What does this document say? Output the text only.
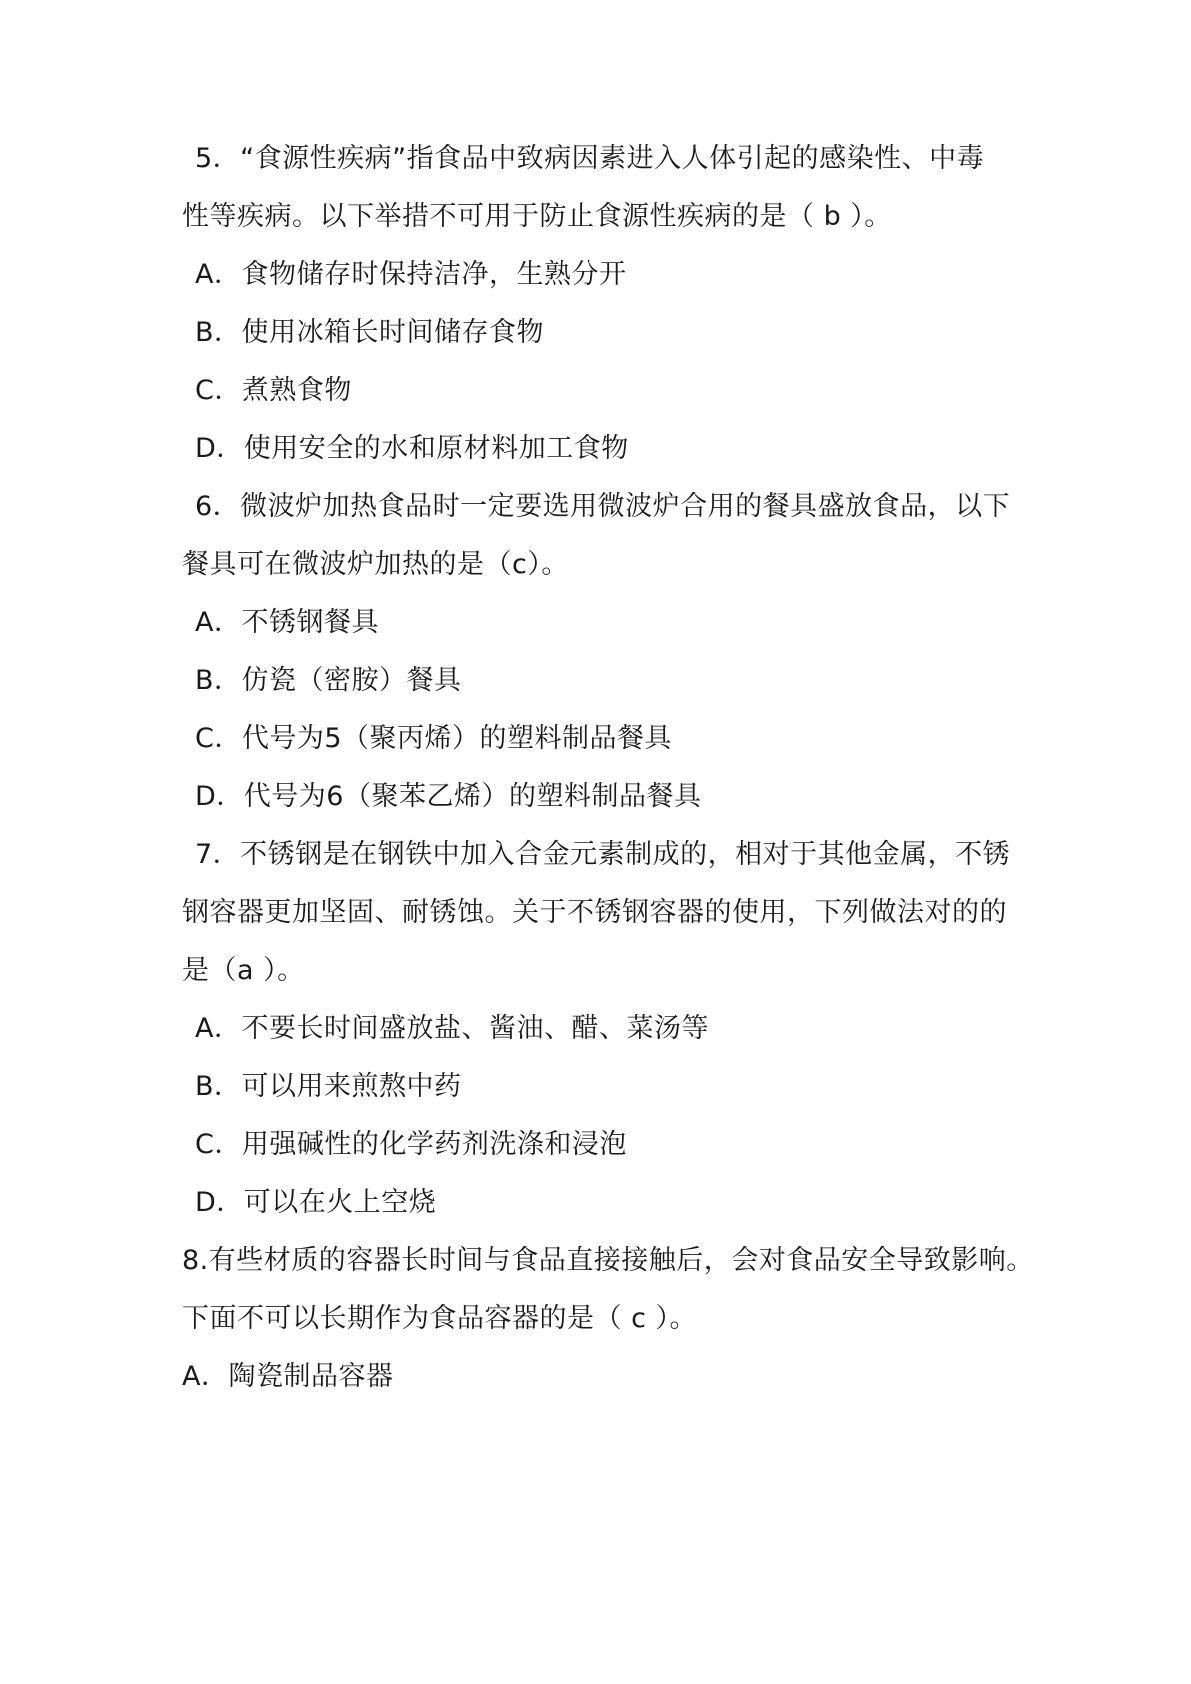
5．“食源性疾病”指食品中致病因素进入人体引起的感染性、中毒
性等疾病。以下举措不可用于防止食源性疾病的是（ b ）。
A．食物储存时保持洁净，生熟分开
B．使用冰箱长时间储存食物
C．煮熟食物
D．使用安全的水和原材料加工食物
6．微波炉加热食品时一定要选用微波炉合用的餐具盛放食品，以下
餐具可在微波炉加热的是（c）。
A．不锈钢餐具
B．仿瓷（密胺）餐具
C．代号为5（聚丙烯）的塑料制品餐具
D．代号为6（聚苯乙烯）的塑料制品餐具
7．不锈钢是在钢铁中加入合金元素制成的，相对于其他金属，不锈
钢容器更加坚固、耐锈蚀。关于不锈钢容器的使用，下列做法对的的
是（a ）。
A．不要长时间盛放盐、酱油、醋、菜汤等
B．可以用来煎熬中药
C．用强碱性的化学药剂洗涤和浸泡
D．可以在火上空烧
8.有些材质的容器长时间与食品直接接触后，会对食品安全导致影响。
下面不可以长期作为食品容器的是（ c ）。
A．陶瓷制品容器
